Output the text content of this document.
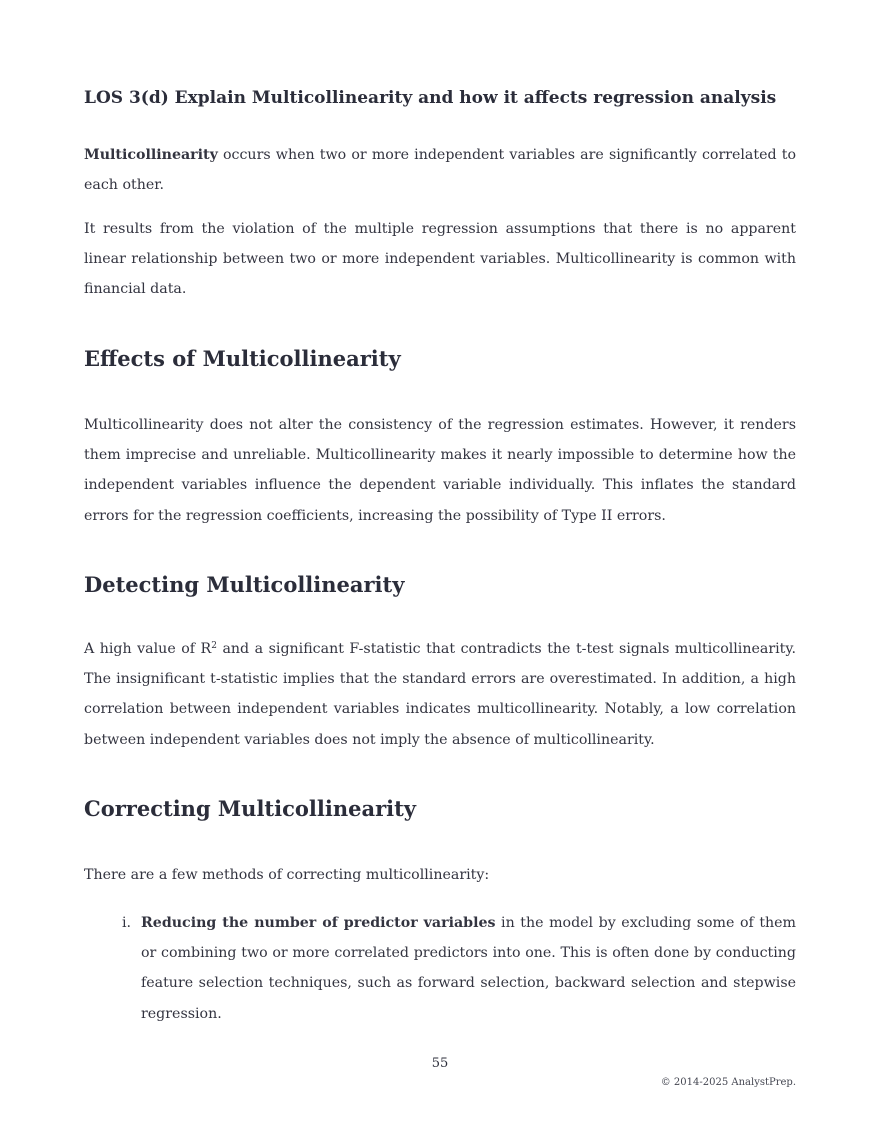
LOS 3(d) Explain Multicollinearity and how it affects regression analysis

Multicollinearity occurs when two or more independent variables are significantly correlated to each other.

It results from the violation of the multiple regression assumptions that there is no apparent linear relationship between two or more independent variables. Multicollinearity is common with financial data.

Effects of Multicollinearity

Multicollinearity does not alter the consistency of the regression estimates. However, it renders them imprecise and unreliable. Multicollinearity makes it nearly impossible to determine how the independent variables influence the dependent variable individually. This inflates the standard errors for the regression coefficients, increasing the possibility of Type II errors.

Detecting Multicollinearity

A high value of $R^2$ and a significant F-statistic that contradicts the t-test signals multicollinearity. The insignificant t-statistic implies that the standard errors are overestimated. In addition, a high correlation between independent variables indicates multicollinearity. Notably, a low correlation between independent variables does not imply the absence of multicollinearity.

Correcting Multicollinearity

There are a few methods of correcting multicollinearity:

i. Reducing the number of predictor variables in the model by excluding some of them or combining two or more correlated predictors into one. This is often done by conducting feature selection techniques, such as forward selection, backward selection and stepwise regression.
55
© 2014-2025 AnalystPrep.
